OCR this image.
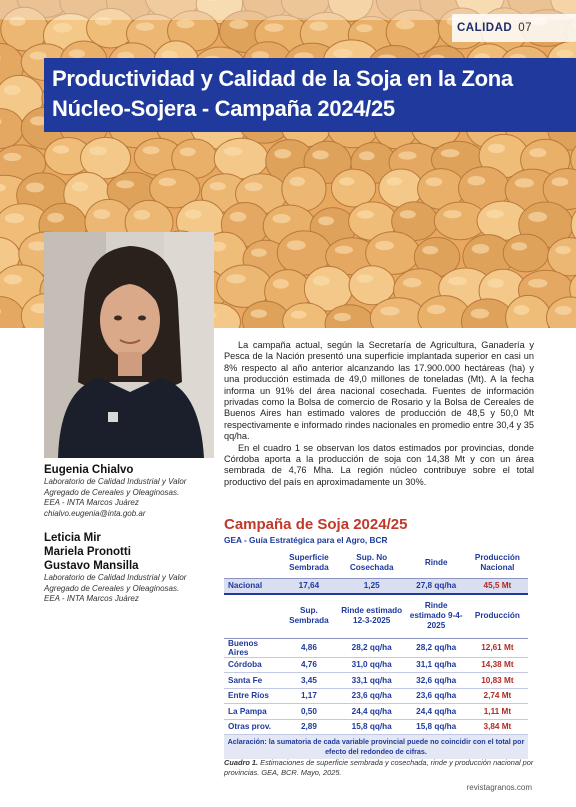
CALIDAD 07
Productividad y Calidad de la Soja en la Zona
Núcleo-Sojera - Campaña 2024/25
Eugenia Chialvo
Laboratorio de Calidad Industrial y Valor
Agregado de Cereales y Oleaginosas.
EEA - INTA Marcos Juárez
chialvo.eugenia@inta.gob.ar
Leticia Mir
Mariela Pronotti
Gustavo Mansilla
Laboratorio de Calidad Industrial y Valor
Agregado de Cereales y Oleaginosas.
EEA - INTA Marcos Juárez

La campaña actual, según la Secretaría de Agricultura, Ganadería y Pesca de la Nación presentó una superficie implantada superior en casi un 8% respecto al año anterior alcanzando las 17.900.000 hectáreas (ha) y una producción estimada de 49,0 millones de toneladas (Mt). A la fecha informa un 91% del área nacional cosechada. Fuentes de información privadas como la Bolsa de comercio de Rosario y la Bolsa de Cereales de Buenos Aires han estimado valores de producción de 48,5 y 50,0 Mt respectivamente e informado rindes nacionales en promedio entre 30,4 y 35 qq/ha.

En el cuadro 1 se observan los datos estimados por provincias, donde Córdoba aporta a la producción de soja con 14,38 Mt y con un área sembrada de 4,76 Mha. La región núcleo contribuye sobre el total productivo del país en aproximadamente un 30%.

Campaña de Soja 2024/25
GEA - Guía Estratégica para el Agro, BCR
	Superficie Sembrada	Sup. No Cosechada	Rinde	Producción Nacional
Nacional	17,64	1,25	27,8 qq/ha	45,5 Mt
	Sup. Sembrada	Rinde estimado 12-3-2025	Rinde estimado 9-4-2025	Producción
Buenos Aires	4,86	28,2 qq/ha	28,2 qq/ha	12,61 Mt
Córdoba	4,76	31,0 qq/ha	31,1 qq/ha	14,38 Mt
Santa Fe	3,45	33,1 qq/ha	32,6 qq/ha	10,83 Mt
Entre Ríos	1,17	23,6 qq/ha	23,6 qq/ha	2,74 Mt
La Pampa	0,50	24,4 qq/ha	24,4 qq/ha	1,11 Mt
Otras prov.	2,89	15,8 qq/ha	15,8 qq/ha	3,84 Mt
Aclaración: la sumatoria de cada variable provincial puede no coincidir con el total por efecto del redondeo de cifras.				
Cuadro 1. Estimaciones de superficie sembrada y cosechada, rinde y producción nacional por provincias. GEA, BCR. Mayo, 2025.
revistagranos.com
